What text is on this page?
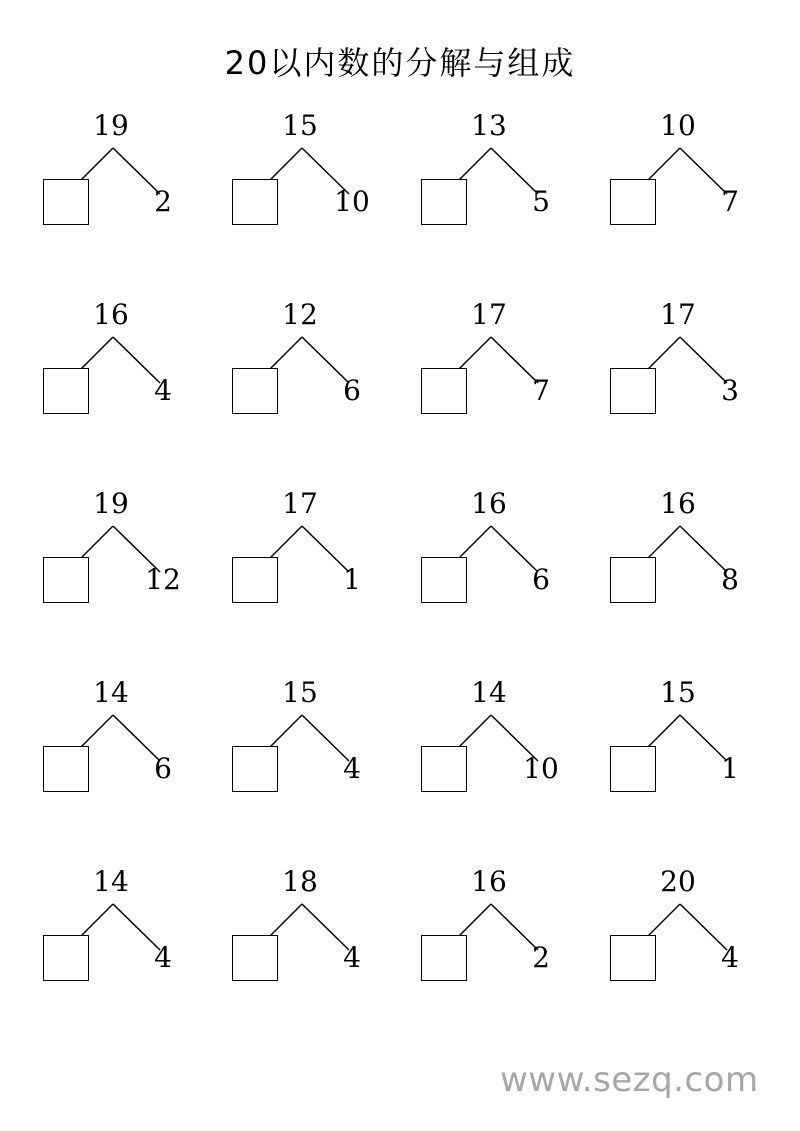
20以内数的分解与组成
19
2
15
10
13
5
10
7
16
4
12
6
17
7
17
3
19
12
17
1
16
6
16
8
14
6
15
4
14
10
15
1
14
4
18
4
16
2
20
4
www.sezq.com
